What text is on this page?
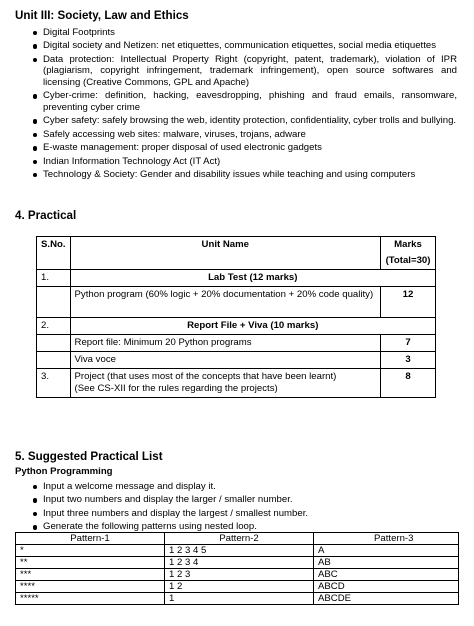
Unit III: Society, Law and Ethics
Digital Footprints
Digital society and Netizen: net etiquettes, communication etiquettes, social media etiquettes
Data protection: Intellectual Property Right (copyright, patent, trademark), violation of IPR (plagiarism, copyright infringement, trademark infringement), open source softwares and licensing (Creative Commons, GPL and Apache)
Cyber-crime: definition, hacking, eavesdropping, phishing and fraud emails, ransomware, preventing cyber crime
Cyber safety: safely browsing the web, identity protection, confidentiality, cyber trolls and bullying.
Safely accessing web sites: malware, viruses, trojans, adware
E-waste management: proper disposal of used electronic gadgets
Indian Information Technology Act (IT Act)
Technology & Society: Gender and disability issues while teaching and using computers
4. Practical
S.No.	Unit Name	Marks
(Total=30)

1.	Lab Test (12 marks)	
	Python program (60% logic + 20% documentation + 20% code quality)	12
2.	Report File + Viva (10 marks)	
	Report file: Minimum 20 Python programs	7
	Viva voce	3
3.	Project (that uses most of the concepts that have been learnt)
(See CS-XII for the rules regarding the projects)	8
5. Suggested Practical List
Python Programming
Input a welcome message and display it.
Input two numbers and display the larger / smaller number.
Input three numbers and display the largest / smallest number.
Generate the following patterns using nested loop.
Pattern-1	Pattern-2	Pattern-3
*	1 2 3 4 5	A
**	1 2 3 4	AB
***	1 2 3	ABC
****	1 2	ABCD
*****	1	ABCDE
